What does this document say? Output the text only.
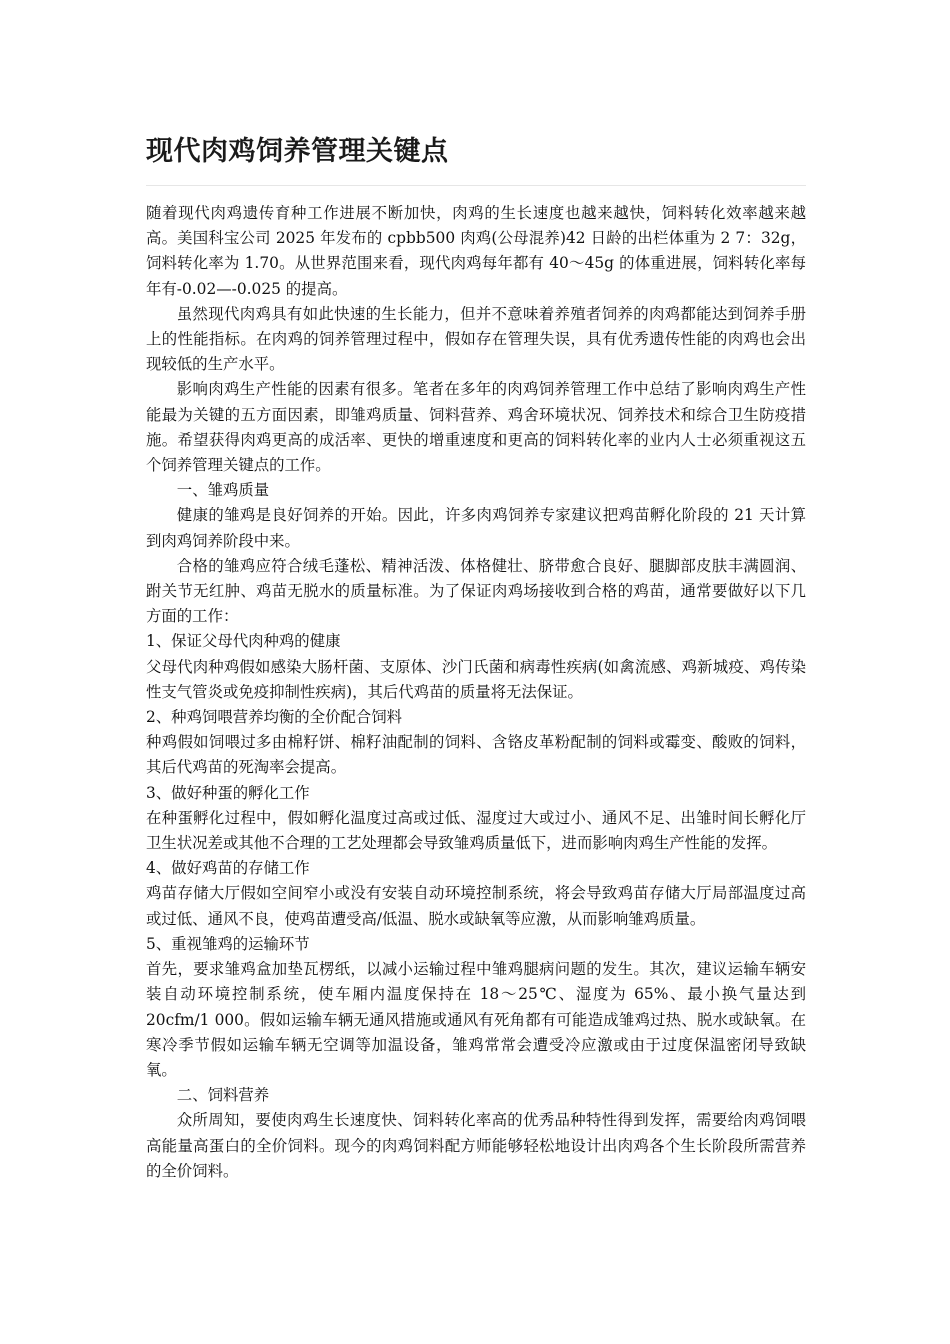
现代肉鸡饲养管理关键点

随着现代肉鸡遗传育种工作进展不断加快，肉鸡的生长速度也越来越快，饲料转化效率越来越高。美国科宝公司 2025 年发布的 cpbb500 肉鸡(公母混养)42 日龄的出栏体重为 2 7：32g，饲料转化率为 1.70。从世界范围来看，现代肉鸡每年都有 40～45g 的体重进展，饲料转化率每年有-0.02—-0.025 的提高。

虽然现代肉鸡具有如此快速的生长能力，但并不意味着养殖者饲养的肉鸡都能达到饲养手册上的性能指标。在肉鸡的饲养管理过程中，假如存在管理失误，具有优秀遗传性能的肉鸡也会出现较低的生产水平。

影响肉鸡生产性能的因素有很多。笔者在多年的肉鸡饲养管理工作中总结了影响肉鸡生产性能最为关键的五方面因素，即雏鸡质量、饲料营养、鸡舍环境状况、饲养技术和综合卫生防疫措施。希望获得肉鸡更高的成活率、更快的增重速度和更高的饲料转化率的业内人士必须重视这五个饲养管理关键点的工作。

一、雏鸡质量

健康的雏鸡是良好饲养的开始。因此，许多肉鸡饲养专家建议把鸡苗孵化阶段的 21 天计算到肉鸡饲养阶段中来。

合格的雏鸡应符合绒毛蓬松、精神活泼、体格健壮、脐带愈合良好、腿脚部皮肤丰满圆润、跗关节无红肿、鸡苗无脱水的质量标准。为了保证肉鸡场接收到合格的鸡苗，通常要做好以下几方面的工作：

1、保证父母代肉种鸡的健康

父母代肉种鸡假如感染大肠杆菌、支原体、沙门氏菌和病毒性疾病(如禽流感、鸡新城疫、鸡传染性支气管炎或免疫抑制性疾病)，其后代鸡苗的质量将无法保证。

2、种鸡饲喂营养均衡的全价配合饲料

种鸡假如饲喂过多由棉籽饼、棉籽油配制的饲料、含铬皮革粉配制的饲料或霉变、酸败的饲料，其后代鸡苗的死淘率会提高。

3、做好种蛋的孵化工作

在种蛋孵化过程中，假如孵化温度过高或过低、湿度过大或过小、通风不足、出雏时间长孵化厅卫生状况差或其他不合理的工艺处理都会导致雏鸡质量低下，进而影响肉鸡生产性能的发挥。

4、做好鸡苗的存储工作

鸡苗存储大厅假如空间窄小或没有安装自动环境控制系统，将会导致鸡苗存储大厅局部温度过高或过低、通风不良，使鸡苗遭受高/低温、脱水或缺氧等应激，从而影响雏鸡质量。

5、重视雏鸡的运输环节

首先，要求雏鸡盒加垫瓦楞纸，以减小运输过程中雏鸡腿病问题的发生。其次，建议运输车辆安装自动环境控制系统，使车厢内温度保持在 18～25℃、湿度为 65%、最小换气量达到 20cfm/1 000。假如运输车辆无通风措施或通风有死角都有可能造成雏鸡过热、脱水或缺氧。在寒冷季节假如运输车辆无空调等加温设备，雏鸡常常会遭受冷应激或由于过度保温密闭导致缺氧。

二、饲料营养

众所周知，要使肉鸡生长速度快、饲料转化率高的优秀品种特性得到发挥，需要给肉鸡饲喂高能量高蛋白的全价饲料。现今的肉鸡饲料配方师能够轻松地设计出肉鸡各个生长阶段所需营养的全价饲料。
